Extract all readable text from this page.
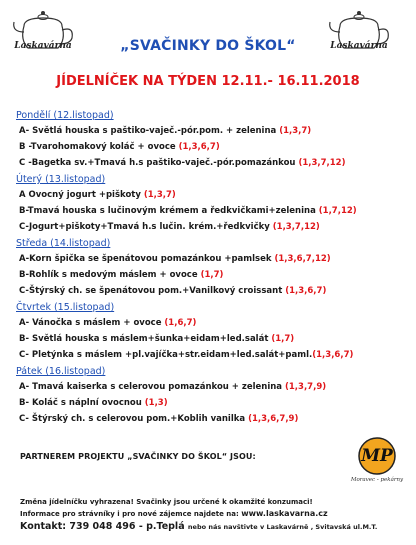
Laskavárna	Laskavárna
„SVAČINKY DO ŠKOL“
JÍDELNÍČEK NA TÝDEN 12.11.- 16.11.2018
Pondělí (12.listopad)
A- Světlá houska s paštiko-vaječ.-pór.pom. + zelenina (1,3,7)
B -Tvarohomakový koláč + ovoce (1,3,6,7)
C -Bagetka sv.+Tmavá h.s paštiko-vaječ.-pór.pomazánkou (1,3,7,12)
Úterý (13.listopad)
A Ovocný jogurt +piškoty (1,3,7)
B-Tmavá houska s lučinovým krémem a ředkvičkami+zelenina (1,7,12)
C-Jogurt+piškoty+Tmavá h.s lučin. krém.+ředkvičky (1,3,7,12)
Středa (14.listopad)
A-Korn špička se špenátovou pomazánkou +pamlsek (1,3,6,7,12)
B-Rohlík s medovým máslem + ovoce (1,7)
C-Štýrský ch. se špenátovou pom.+Vanilkový croissant (1,3,6,7)
Čtvrtek (15.listopad)
A- Vánočka s máslem + ovoce (1,6,7)
B- Světlá houska s máslem+šunka+eidam+led.salát (1,7)
C- Pletýnka s máslem +pl.vajíčka+str.eidam+led.salát+paml.(1,3,6,7)
Pátek (16.listopad)
A- Tmavá kaiserka s celerovou pomazánkou + zelenina (1,3,7,9)
B- Koláč s náplní ovocnou (1,3)
C- Štýrský ch. s celerovou pom.+Koblih vanilka (1,3,6,7,9)
PARTNEREM PROJEKTU „SVAČINKY DO ŠKOL“ JSOU:	MP
Moravec - pekárny
Změna jídelníčku vyhrazena! Svačinky jsou určené k okamžité konzumaci!
Informace pro strávníky i pro nové zájemce najdete na: www.laskavarna.cz
Kontakt: 739 048 496 - p.Teplá nebo nás navštivte v Laskavárně , Svitavská ul.M.T.
